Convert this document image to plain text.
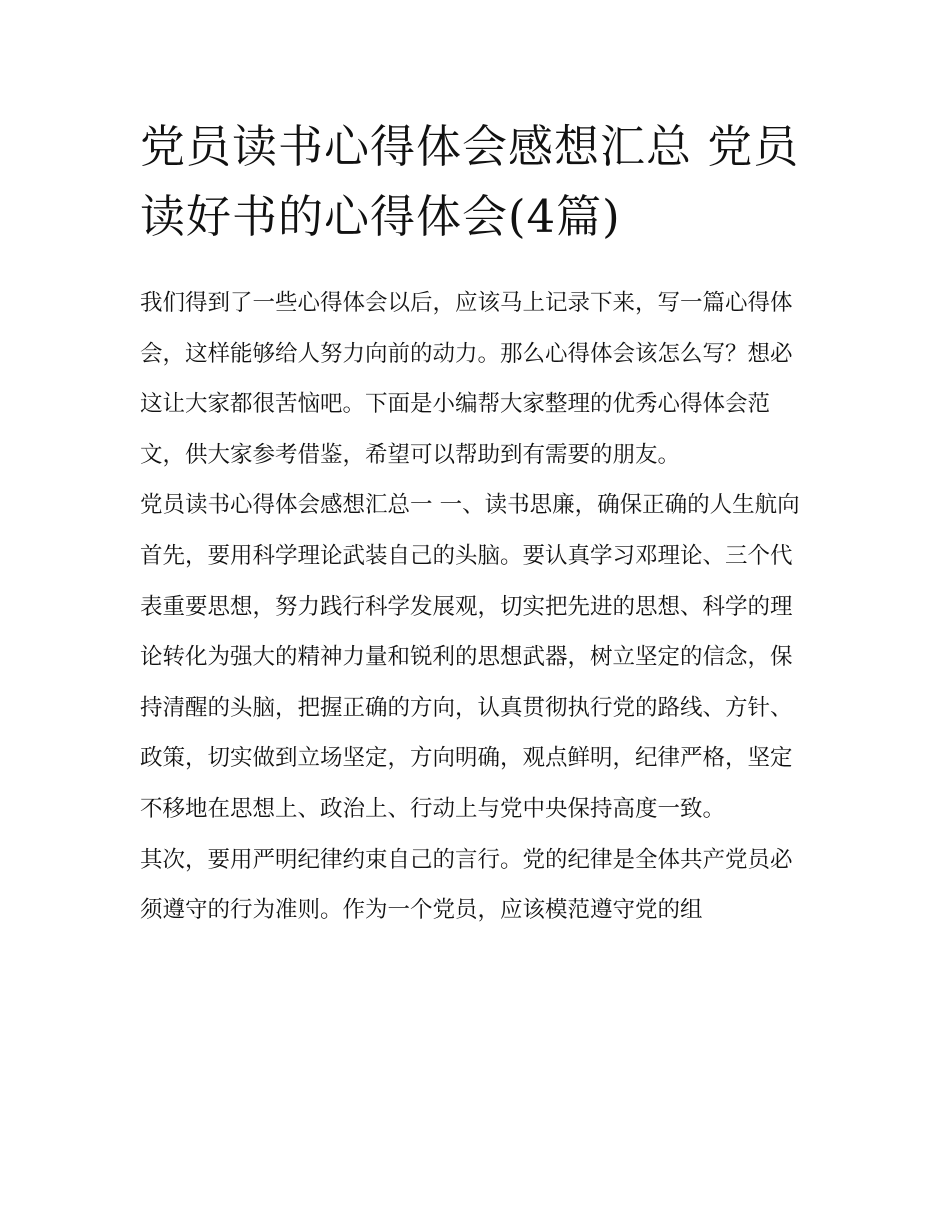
党员读书心得体会感想汇总 党员读好书的心得体会(4篇)

我们得到了一些心得体会以后，应该马上记录下来，写一篇心得体会，这样能够给人努力向前的动力。那么心得体会该怎么写？想必这让大家都很苦恼吧。下面是小编帮大家整理的优秀心得体会范文，供大家参考借鉴，希望可以帮助到有需要的朋友。

党员读书心得体会感想汇总一 一、读书思廉，确保正确的人生航向

首先，要用科学理论武装自己的头脑。要认真学习邓理论、三个代表重要思想，努力践行科学发展观，切实把先进的思想、科学的理论转化为强大的精神力量和锐利的思想武器，树立坚定的信念，保持清醒的头脑，把握正确的方向，认真贯彻执行党的路线、方针、政策，切实做到立场坚定，方向明确，观点鲜明，纪律严格，坚定不移地在思想上、政治上、行动上与党中央保持高度一致。

其次，要用严明纪律约束自己的言行。党的纪律是全体共产党员必须遵守的行为准则。作为一个党员，应该模范遵守党的组
